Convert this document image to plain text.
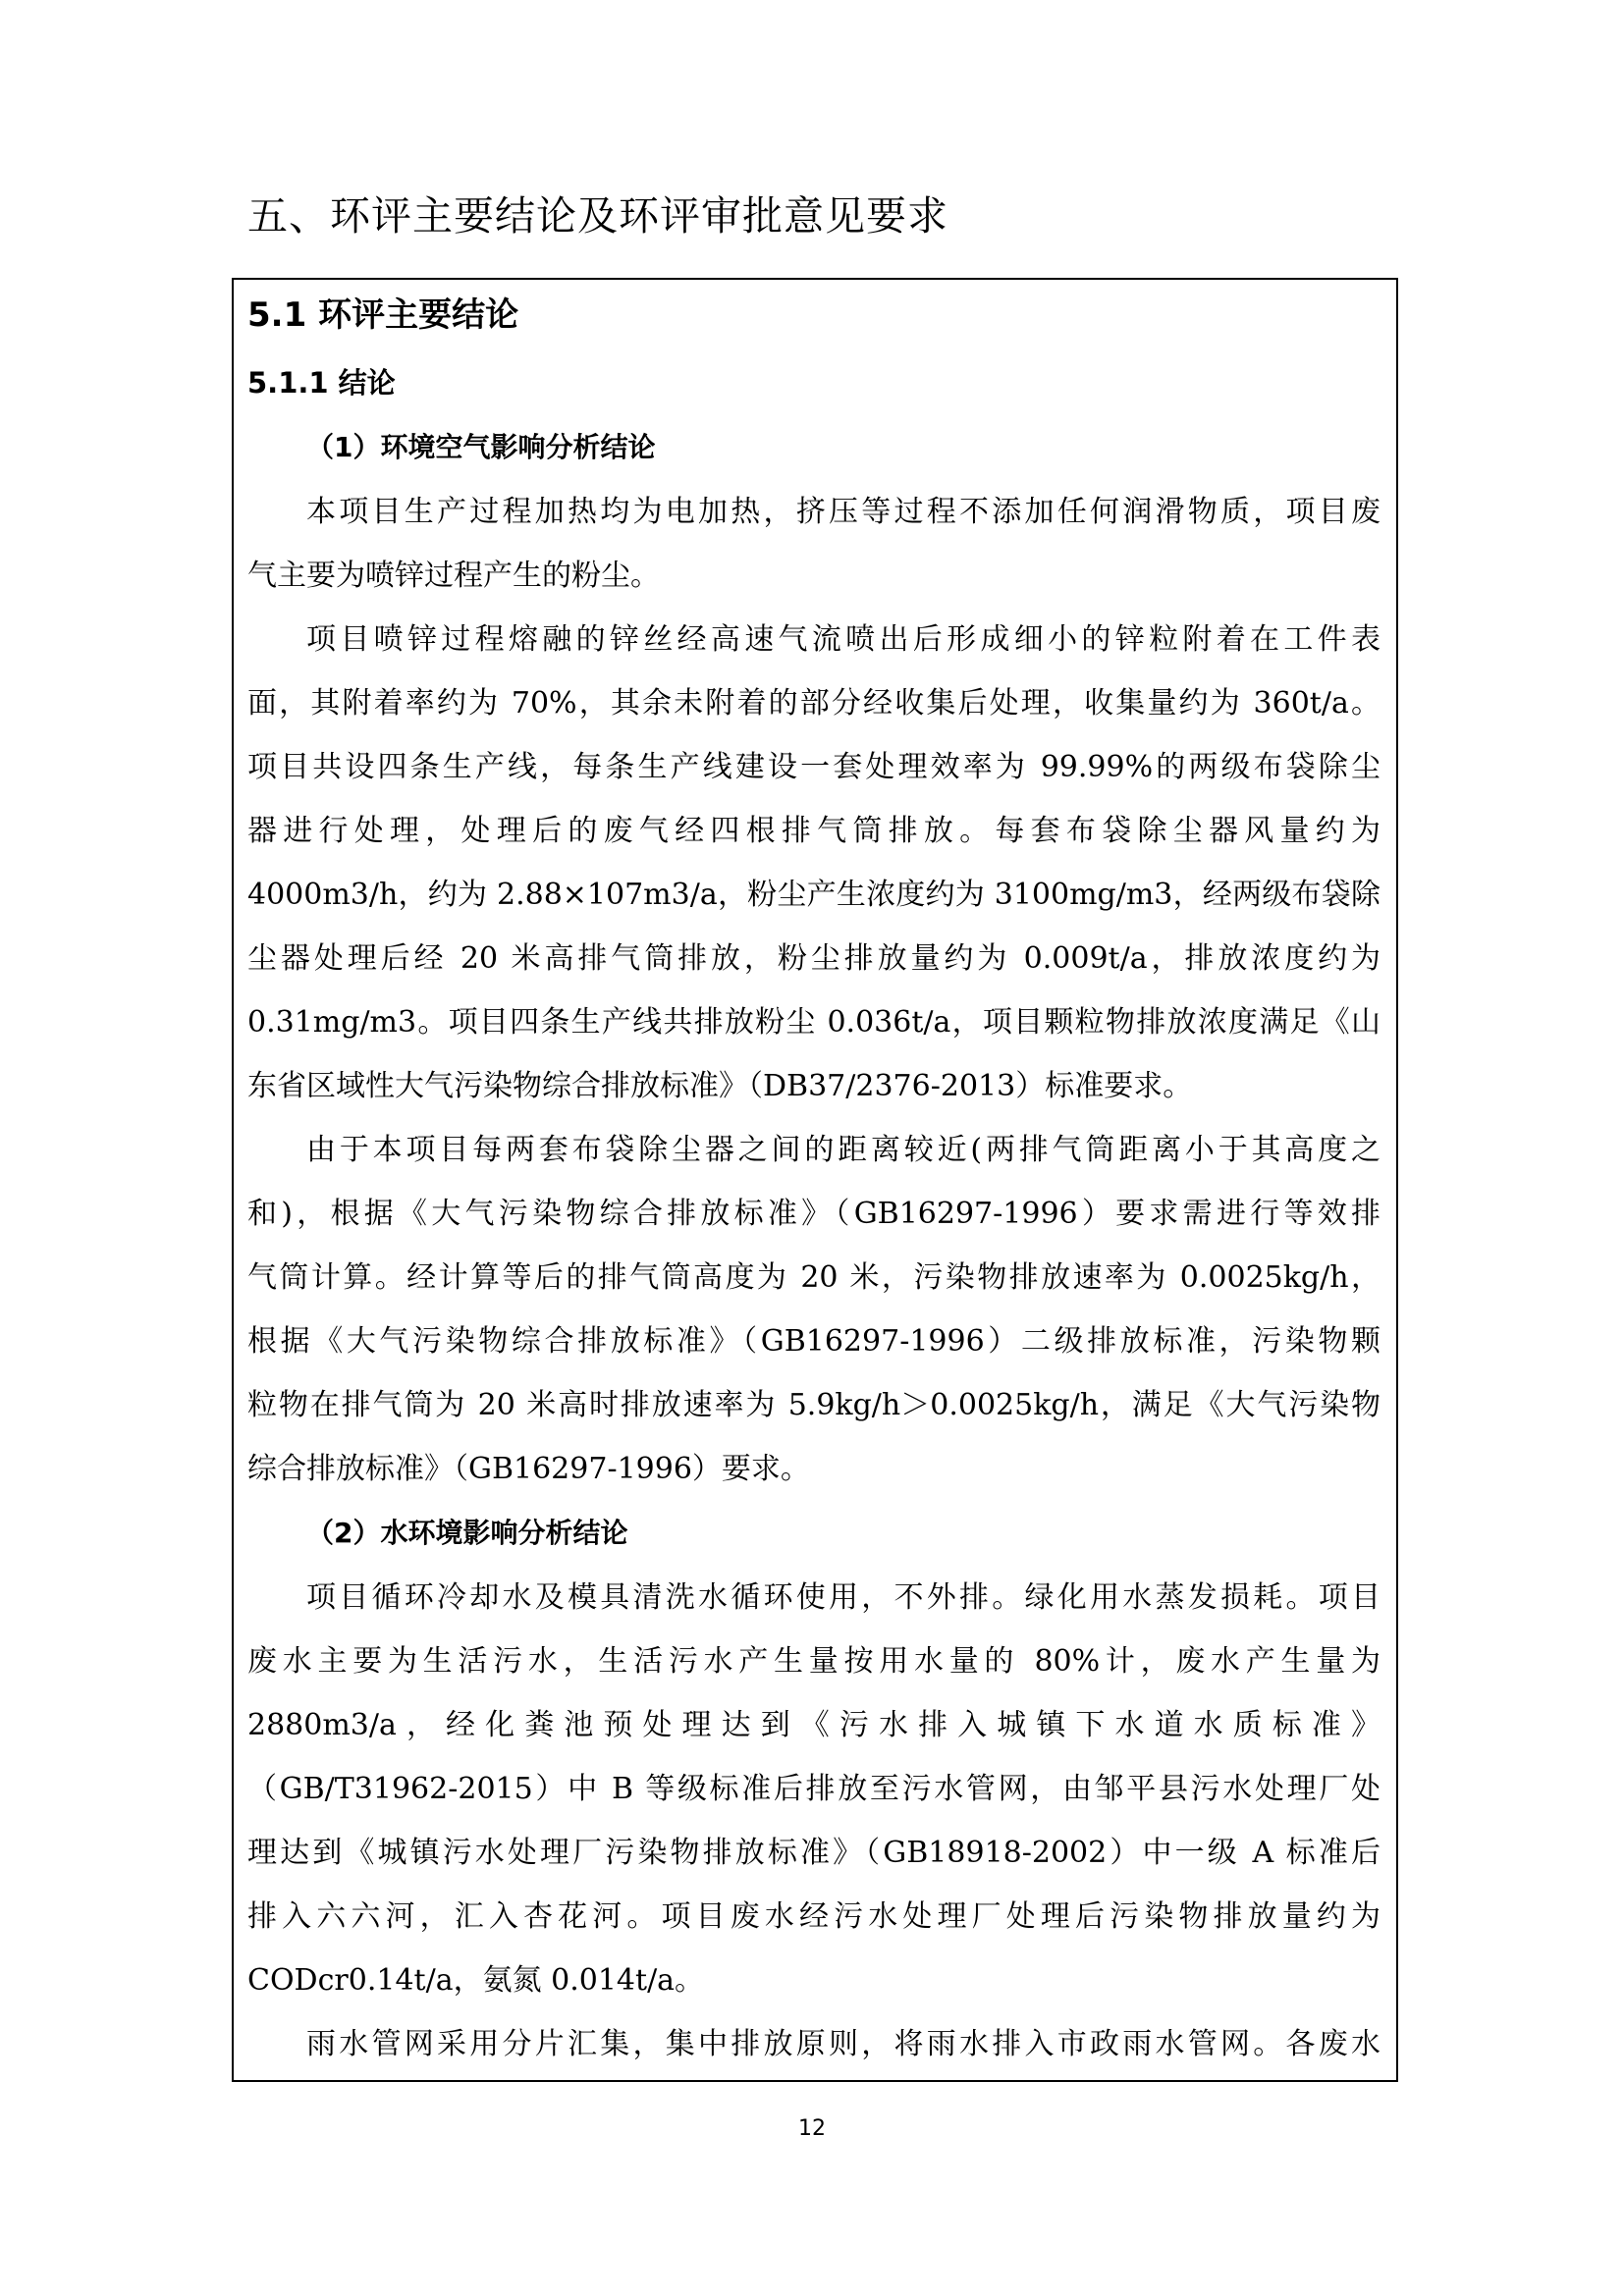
五、环评主要结论及环评审批意见要求
5.1 环评主要结论
5.1.1 结论
（1）环境空气影响分析结论
本项目生产过程加热均为电加热，挤压等过程不添加任何润滑物质，项目废
气主要为喷锌过程产生的粉尘。
项目喷锌过程熔融的锌丝经高速气流喷出后形成细小的锌粒附着在工件表
面，其附着率约为 70%，其余未附着的部分经收集后处理，收集量约为 360t/a。
项目共设四条生产线，每条生产线建设一套处理效率为 99.99%的两级布袋除尘
器进行处理，处理后的废气经四根排气筒排放。每套布袋除尘器风量约为
4000m3/h，约为 2.88×107m3/a，粉尘产生浓度约为 3100mg/m3，经两级布袋除
尘器处理后经 20 米高排气筒排放，粉尘排放量约为 0.009t/a，排放浓度约为
0.31mg/m3。项目四条生产线共排放粉尘 0.036t/a，项目颗粒物排放浓度满足《山
东省区域性大气污染物综合排放标准》（DB37/2376-2013）标准要求。
由于本项目每两套布袋除尘器之间的距离较近(两排气筒距离小于其高度之
和)，根据《大气污染物综合排放标准》（GB16297-1996）要求需进行等效排
气筒计算。经计算等后的排气筒高度为 20 米，污染物排放速率为 0.0025kg/h，
根据《大气污染物综合排放标准》（GB16297-1996）二级排放标准，污染物颗
粒物在排气筒为 20 米高时排放速率为 5.9kg/h＞0.0025kg/h，满足《大气污染物
综合排放标准》（GB16297-1996）要求。
（2）水环境影响分析结论
项目循环冷却水及模具清洗水循环使用，不外排。绿化用水蒸发损耗。项目
废水主要为生活污水，生活污水产生量按用水量的 80%计，废水产生量为
2880m3/a，经化粪池预处理达到《污水排入城镇下水道水质标准》
（GB/T31962-2015）中 B 等级标准后排放至污水管网，由邹平县污水处理厂处
理达到《城镇污水处理厂污染物排放标准》（GB18918-2002）中一级 A 标准后
排入六六河，汇入杏花河。项目废水经污水处理厂处理后污染物排放量约为
CODcr0.14t/a，氨氮 0.014t/a。
雨水管网采用分片汇集，集中排放原则，将雨水排入市政雨水管网。各废水

12
